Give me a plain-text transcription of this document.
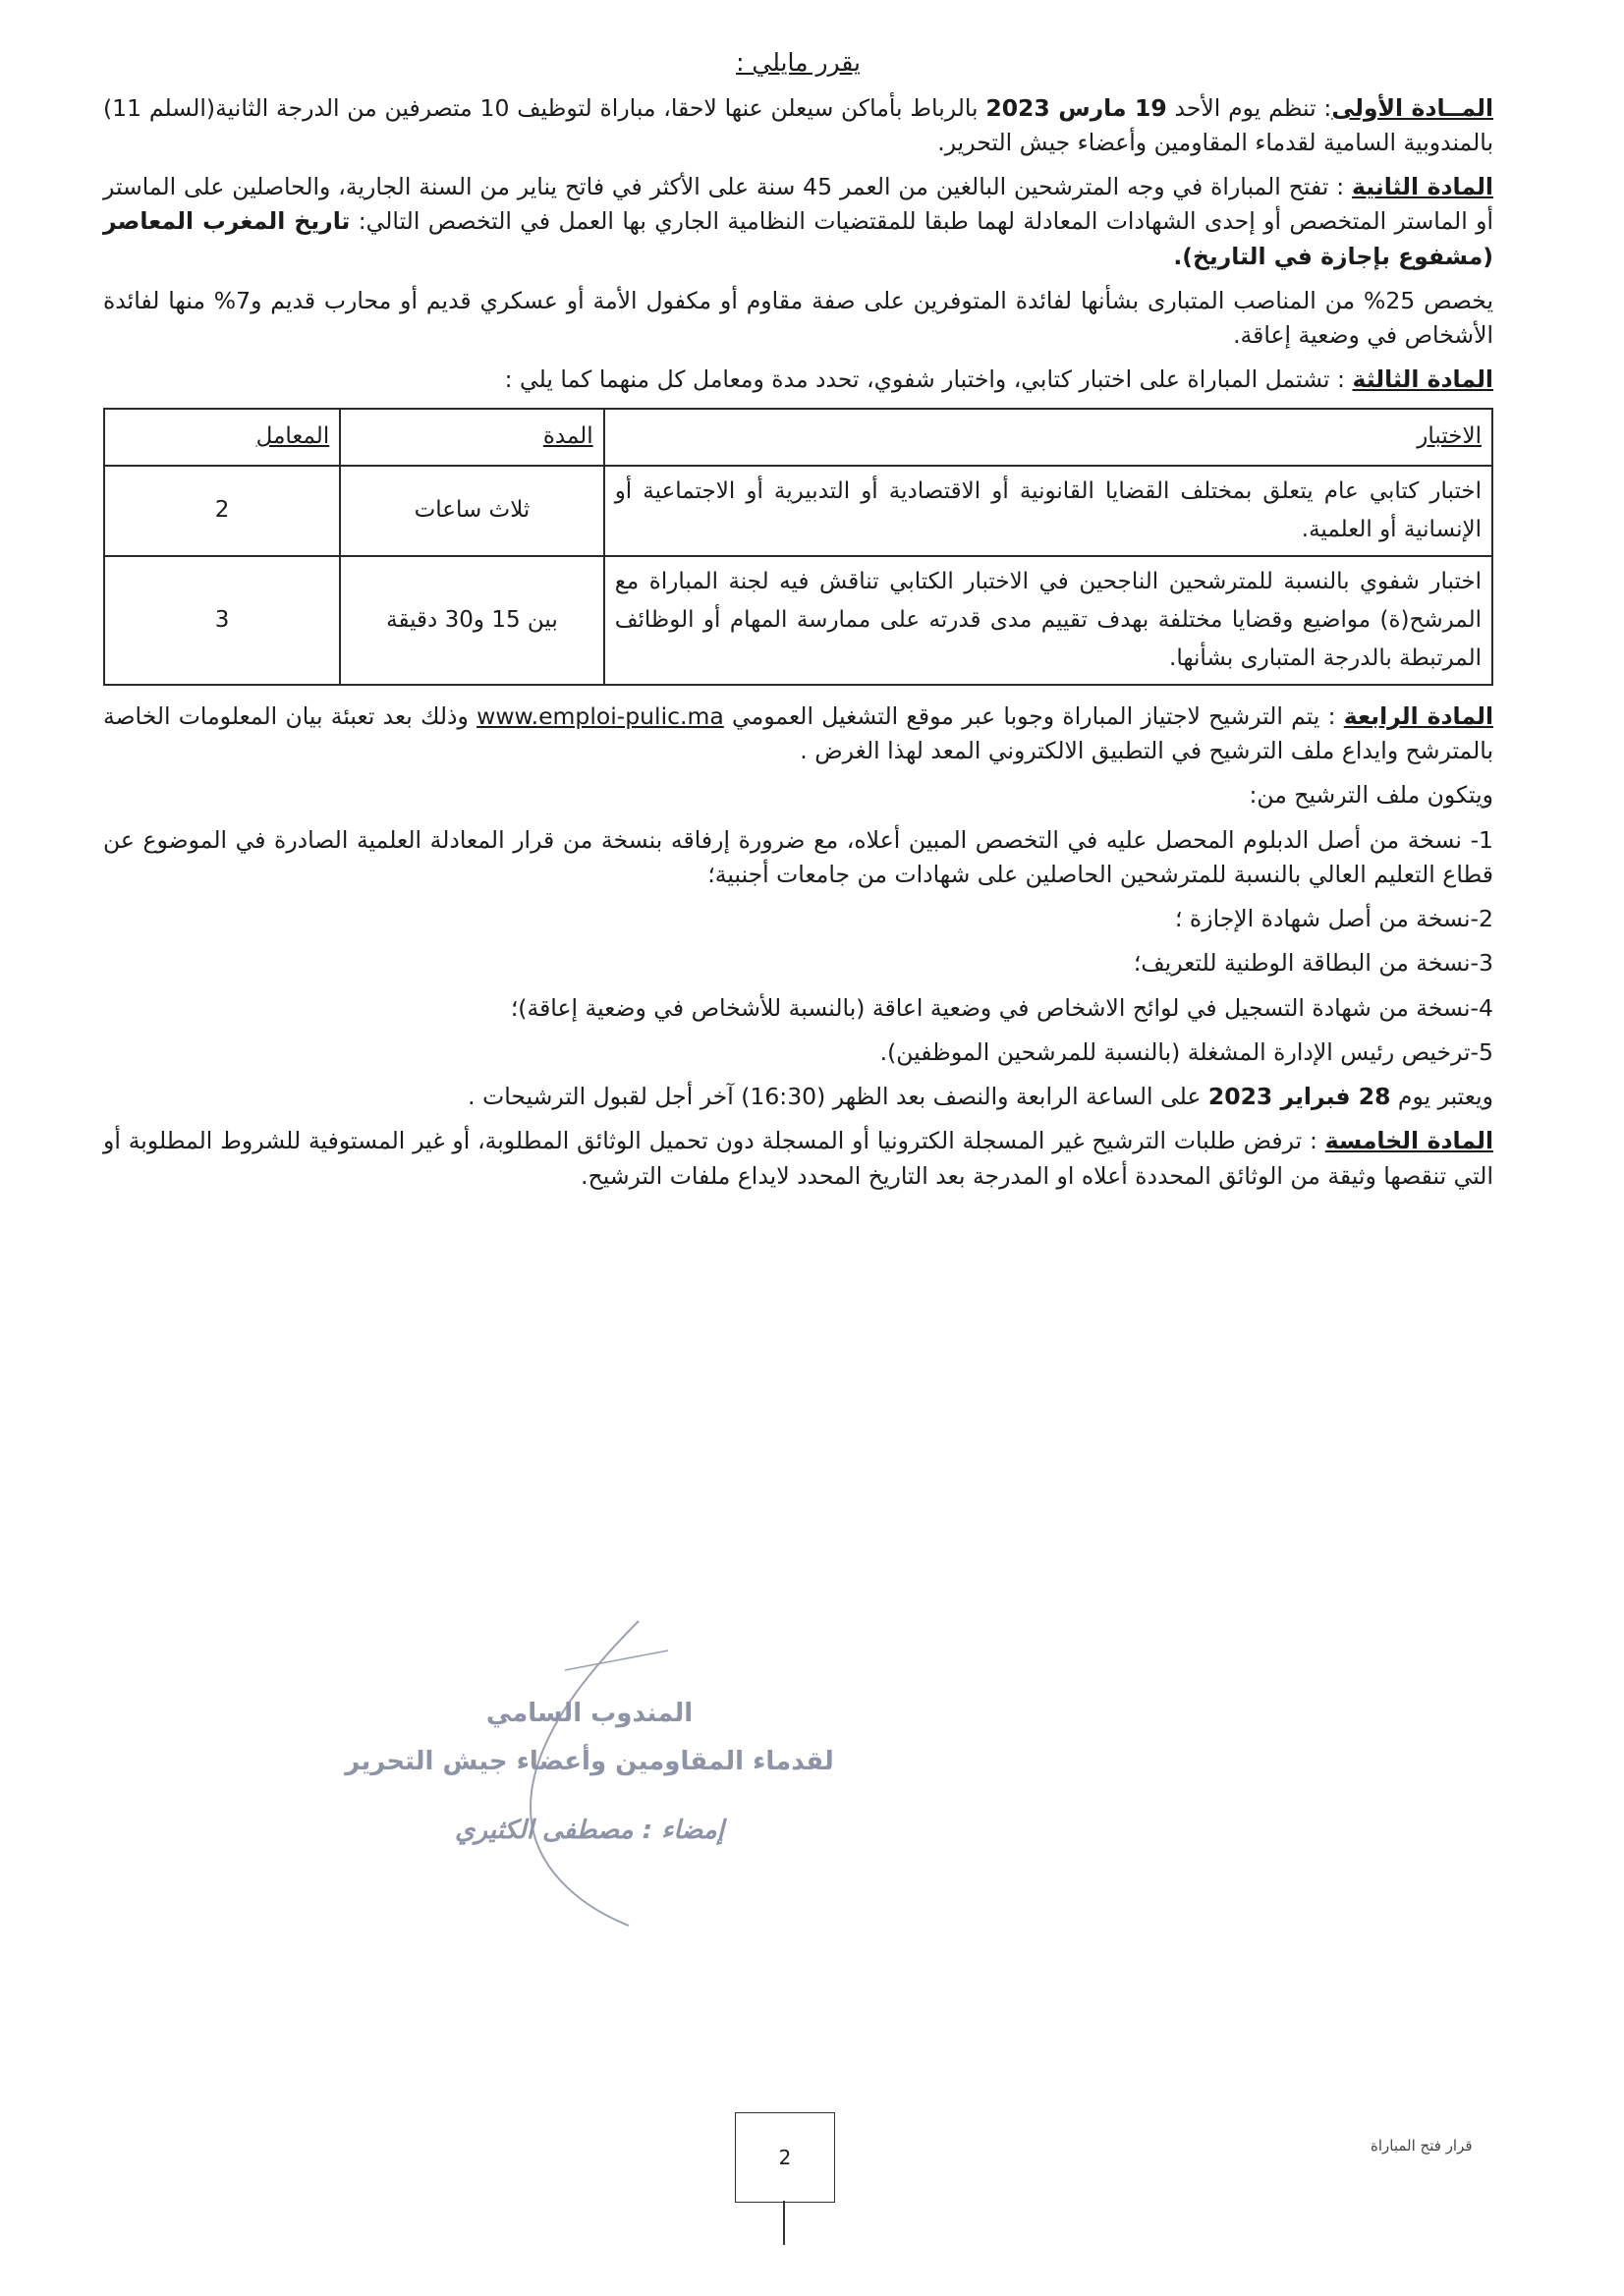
يقرر مايلي :

المــادة الأولى: تنظم يوم الأحد 19 مارس 2023 بالرباط بأماكن سيعلن عنها لاحقا، مباراة لتوظيف 10 متصرفين من الدرجة الثانية(السلم 11) بالمندوبية السامية لقدماء المقاومين وأعضاء جيش التحرير.

المادة الثانية : تفتح المباراة في وجه المترشحين البالغين من العمر 45 سنة على الأكثر في فاتح يناير من السنة الجارية، والحاصلين على الماستر أو الماستر المتخصص أو إحدى الشهادات المعادلة لهما طبقا للمقتضيات النظامية الجاري بها العمل في التخصص التالي: تاريخ المغرب المعاصر (مشفوع بإجازة في التاريخ).

يخصص 25% من المناصب المتبارى بشأنها لفائدة المتوفرين على صفة مقاوم أو مكفول الأمة أو عسكري قديم أو محارب قديم و7% منها لفائدة الأشخاص في وضعية إعاقة.

المادة الثالثة : تشتمل المباراة على اختبار كتابي، واختبار شفوي، تحدد مدة ومعامل كل منهما كما يلي :

الاختبار	المدة	المعامل
اختبار كتابي عام يتعلق بمختلف القضايا القانونية أو الاقتصادية أو التدبيرية أو الاجتماعية أو الإنسانية أو العلمية.	ثلاث ساعات	2
اختبار شفوي بالنسبة للمترشحين الناجحين في الاختبار الكتابي تناقش فيه لجنة المباراة مع المرشح(ة) مواضيع وقضايا مختلفة بهدف تقييم مدى قدرته على ممارسة المهام أو الوظائف المرتبطة بالدرجة المتبارى بشأنها.	بين 15 و30 دقيقة	3

المادة الرابعة : يتم الترشيح لاجتياز المباراة وجوبا عبر موقع التشغيل العمومي www.emploi-pulic.ma وذلك بعد تعبئة بيان المعلومات الخاصة بالمترشح وايداع ملف الترشيح في التطبيق الالكتروني المعد لهذا الغرض .

ويتكون ملف الترشيح من:

1- نسخة من أصل الدبلوم المحصل عليه في التخصص المبين أعلاه، مع ضرورة إرفاقه بنسخة من قرار المعادلة العلمية الصادرة في الموضوع عن قطاع التعليم العالي بالنسبة للمترشحين الحاصلين على شهادات من جامعات أجنبية؛
2-نسخة من أصل شهادة الإجازة ؛
3-نسخة من البطاقة الوطنية للتعريف؛
4-نسخة من شهادة التسجيل في لوائح الاشخاص في وضعية اعاقة (بالنسبة للأشخاص في وضعية إعاقة)؛
5-ترخيص رئيس الإدارة المشغلة (بالنسبة للمرشحين الموظفين).

ويعتبر يوم 28 فبراير 2023 على الساعة الرابعة والنصف بعد الظهر (16:30) آخر أجل لقبول الترشيحات .

المادة الخامسة : ترفض طلبات الترشيح غير المسجلة الكترونيا أو المسجلة دون تحميل الوثائق المطلوبة، أو غير المستوفية للشروط المطلوبة أو التي تنقصها وثيقة من الوثائق المحددة أعلاه او المدرجة بعد التاريخ المحدد لايداع ملفات الترشيح.

المندوب السامي
لقدماء المقاومين وأعضاء جيش التحرير
إمضاء : مصطفى الكثيري
2	قرار فتح المباراة
